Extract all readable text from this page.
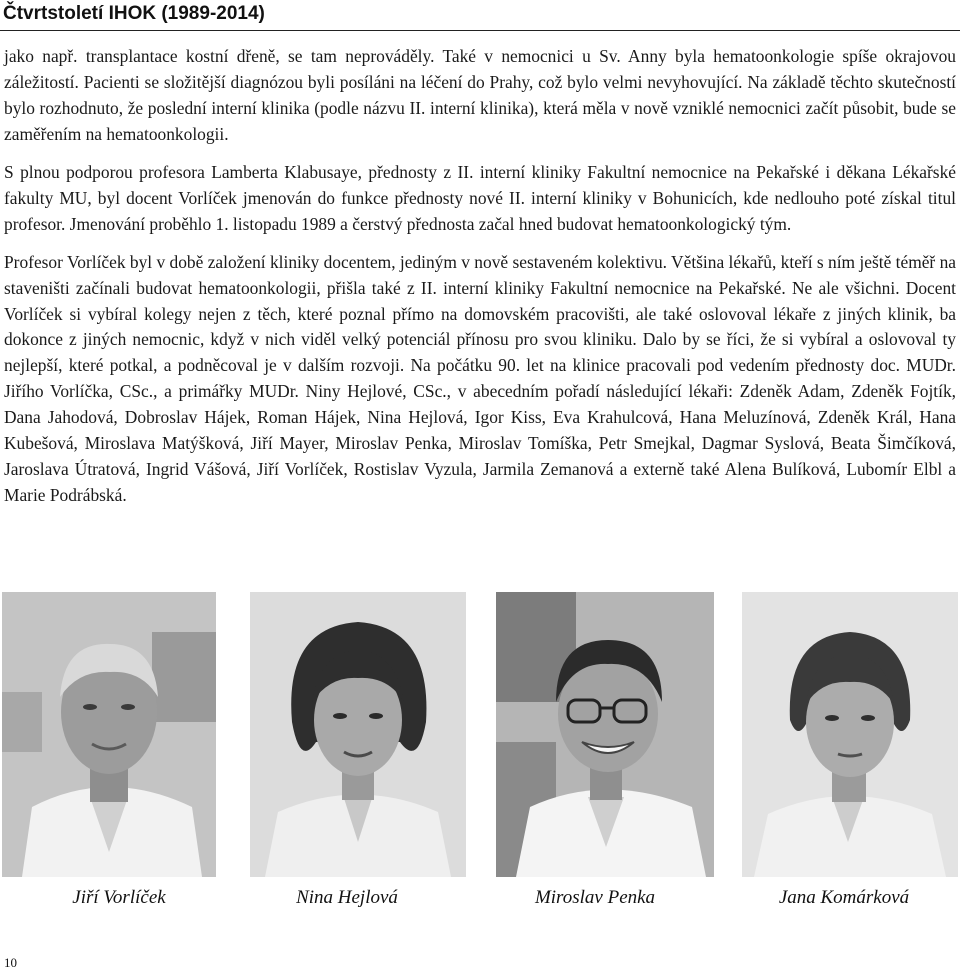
Čtvrtstoletí IHOK (1989-2014)

jako např. transplantace kostní dřeně, se tam neprováděly. Také v nemocnici u Sv. Anny byla hematoonkologie spíše okrajovou záležitostí. Pacienti se složitější diagnózou byli posíláni na léčení do Prahy, což bylo velmi nevyhovující. Na základě těchto skutečností bylo rozhodnuto, že poslední interní klinika (podle názvu II. interní klinika), která měla v nově vzniklé nemocnici začít působit, bude se zaměřením na hematoonkologii.

S plnou podporou profesora Lamberta Klabusaye, přednosty z II. interní kliniky Fakultní nemocnice na Pekařské i děkana Lékařské fakulty MU, byl docent Vorlíček jmenován do funkce přednosty nové II. interní kliniky v Bohunicích, kde nedlouho poté získal titul profesor. Jmenování proběhlo 1. listopadu 1989 a čerstvý přednosta začal hned budovat hematoonkologický tým.

Profesor Vorlíček byl v době založení kliniky docentem, jediným v nově sestaveném kolektivu. Většina lékařů, kteří s ním ještě téměř na staveništi začínali budovat hematoonkologii, přišla také z II. interní kliniky Fakultní nemocnice na Pekařské. Ne ale všichni. Docent Vorlíček si vybíral kolegy nejen z těch, které poznal přímo na domovském pracovišti, ale také oslovoval lékaře z jiných klinik, ba dokonce z jiných nemocnic, když v nich viděl velký potenciál přínosu pro svou kliniku. Dalo by se říci, že si vybíral a oslovoval ty nejlepší, které potkal, a podněcoval je v dalším rozvoji. Na počátku 90. let na klinice pracovali pod vedením přednosty doc. MUDr. Jiřího Vorlíčka, CSc., a primářky MUDr. Niny Hejlové, CSc., v abecedním pořadí následující lékaři: Zdeněk Adam, Zdeněk Fojtík, Dana Jahodová, Dobroslav Hájek, Roman Hájek, Nina Hejlová, Igor Kiss, Eva Krahulcová, Hana Meluzínová, Zdeněk Král, Hana Kubešová, Miroslava Matýšková, Jiří Mayer, Miroslav Penka, Miroslav Tomíška, Petr Smejkal, Dagmar Syslová, Beata Šimčíková, Jaroslava Útratová, Ingrid Vášová, Jiří Vorlíček, Rostislav Vyzula, Jarmila Zemanová a externě také Alena Bulíková, Lubomír Elbl a Marie Podrábská.

Jiří Vorlíček	Nina Hejlová	Miroslav Penka	Jana Komárková
10
